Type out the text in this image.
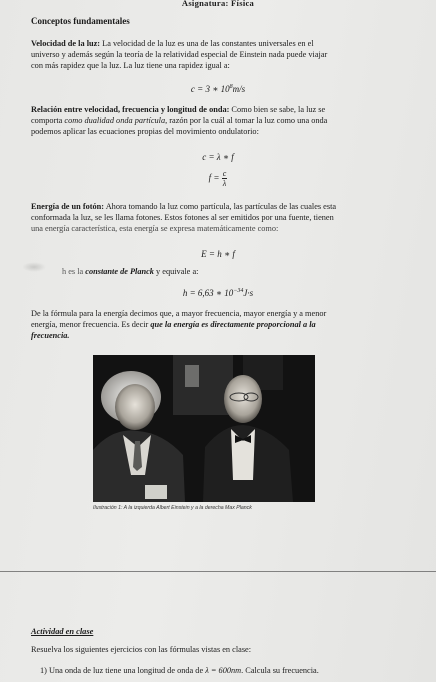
Asignatura: Física
Conceptos fundamentales
Velocidad de la luz: La velocidad de la luz es una de las constantes universales en el
universo y además según la teoría de la relatividad especial de Einstein nada puede viajar
con más rapidez que la luz. La luz tiene una rapidez igual a:
c = 3 ∗ $10^8m/s$
Relación entre velocidad, frecuencia y longitud de onda: Como bien se sabe, la luz se
comporta como dualidad onda partícula, razón por la cuál al tomar la luz como una onda
podemos aplicar las ecuaciones propias del movimiento ondulatorio:
c = λ ∗ f
$f = \frac{c}{\lambda}$
Energía de un fotón: Ahora tomando la luz como partícula, las partículas de las cuales esta
conformada la luz, se les llama fotones. Estos fotones al ser emitidos por una fuente, tienen
una energía característica, esta energía se expresa matemáticamente como:
E = h ∗ f
h es la constante de Planck y equivale a:
h = 6,63 ∗ $10^{-34}J\cdot s$
De la fórmula para la energía decimos que, a mayor frecuencia, mayor energía y a menor
energía, menor frecuencia. Es decir que la energía es directamente proporcional a la
frecuencia.
Ilustración 1: A la izquierda Albert Einstein y a la derecha Max Planck
Actividad en clase
Resuelva los siguientes ejercicios con las fórmulas vistas en clase:
1) Una onda de luz tiene una longitud de onda de λ = 600nm. Calcula su frecuencia.
